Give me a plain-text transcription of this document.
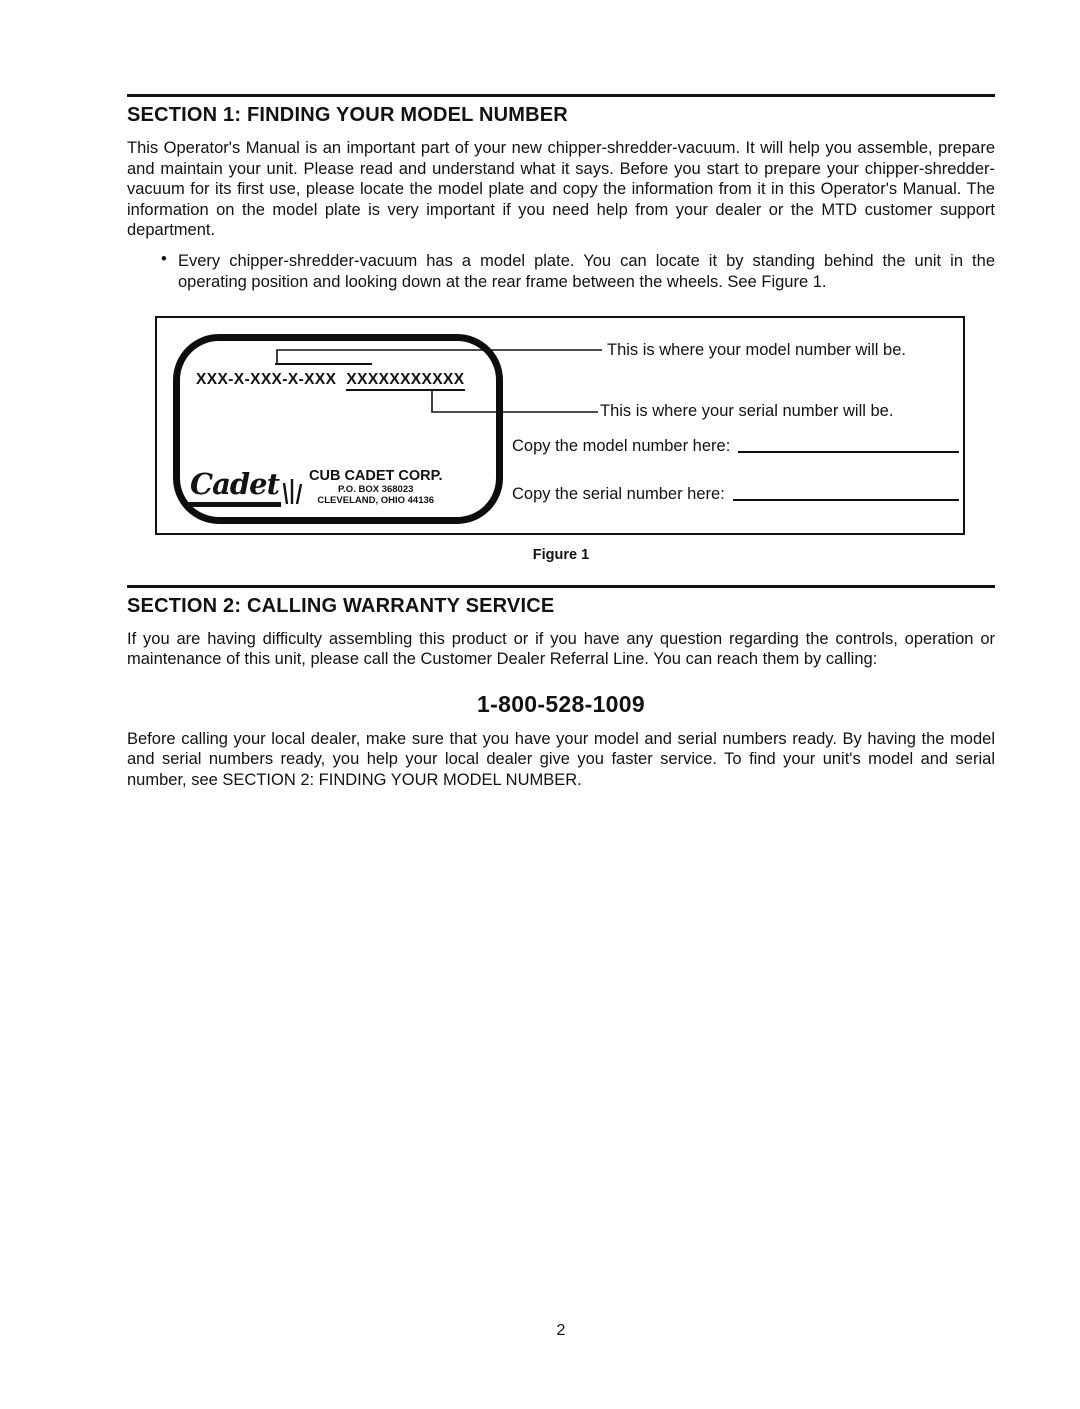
SECTION 1: FINDING YOUR MODEL NUMBER

This Operator's Manual is an important part of your new chipper-shredder-vacuum. It will help you assemble, prepare and maintain your unit. Please read and understand what it says. Before you start to prepare your chipper-shredder-vacuum for its first use, please locate the model plate and copy the information from it in this Operator's Manual. The information on the model plate is very important if you need help from your dealer or the MTD customer support department.

• Every chipper-shredder-vacuum has a model plate. You can locate it by standing behind the unit in the operating position and looking down at the rear frame between the wheels. See Figure 1.

XXX-X-XXX-X-XXX XXXXXXXXXXX
Cadet CUB CADET CORP.
P.O. BOX 368023
CLEVELAND, OHIO 44136
This is where your model number will be.
This is where your serial number will be.
Copy the model number here:
Copy the serial number here:
Figure 1
SECTION 2: CALLING WARRANTY SERVICE

If you are having difficulty assembling this product or if you have any question regarding the controls, operation or maintenance of this unit, please call the Customer Dealer Referral Line. You can reach them by calling:

1-800-528-1009

Before calling your local dealer, make sure that you have your model and serial numbers ready. By having the model and serial numbers ready, you help your local dealer give you faster service. To find your unit's model and serial number, see SECTION 2: FINDING YOUR MODEL NUMBER.

2
